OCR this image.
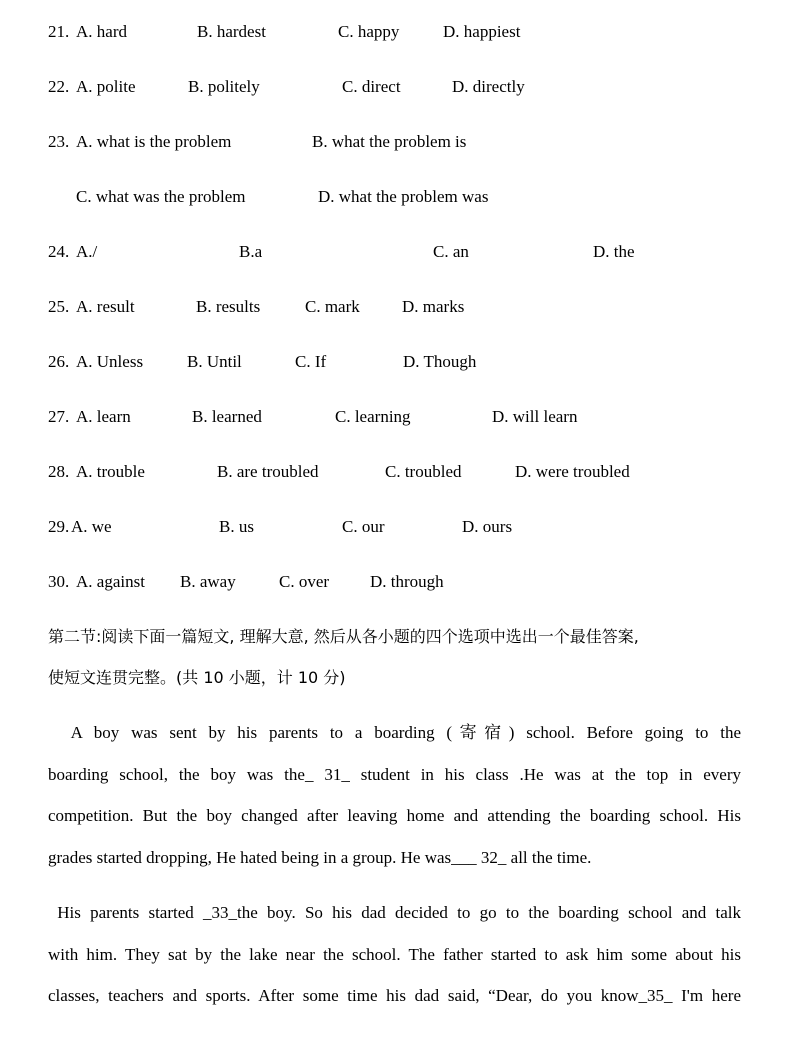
21. A. hard	B. hardest	C. happy	D. happiest
22. A. polite	B. politely	C. direct	D. directly
23. A. what is the problem	B. what the problem is
C. what was the problem	D. what the problem was
24. A./	B.a	C. an	D. the
25. A. result	B. results	C. mark D. marks
26. A. Unless	B. Until	C. If	D. Though
27. A. learn	B. learned	C. learning	D. will learn
28. A. trouble	B. are troubled	C. troubled	D. were troubled
29. A. we	B. us	C. our	D. ours
30. A. against B. away	C. over D. through
第二节:阅读下面一篇短文, 理解大意, 然后从各小题的四个选项中选出一个最佳答案,
使短文连贯完整。(共 10 小题，计 10 分)
A boy was sent by his parents to a boarding (寄宿) school. Before going to the
boarding school, the boy was the_ 31_ student in his class .He was at the top in every
competition. But the boy changed after leaving home and attending the boarding school. His
grades started dropping, He hated being in a group. He was___ 32_ all the time.
His parents started _33_the boy. So his dad decided to go to the boarding school and talk
with him. They sat by the lake near the school. The father started to ask him some about his
classes, teachers and sports. After some time his dad said, “Dear, do you know_35_ I'm here
